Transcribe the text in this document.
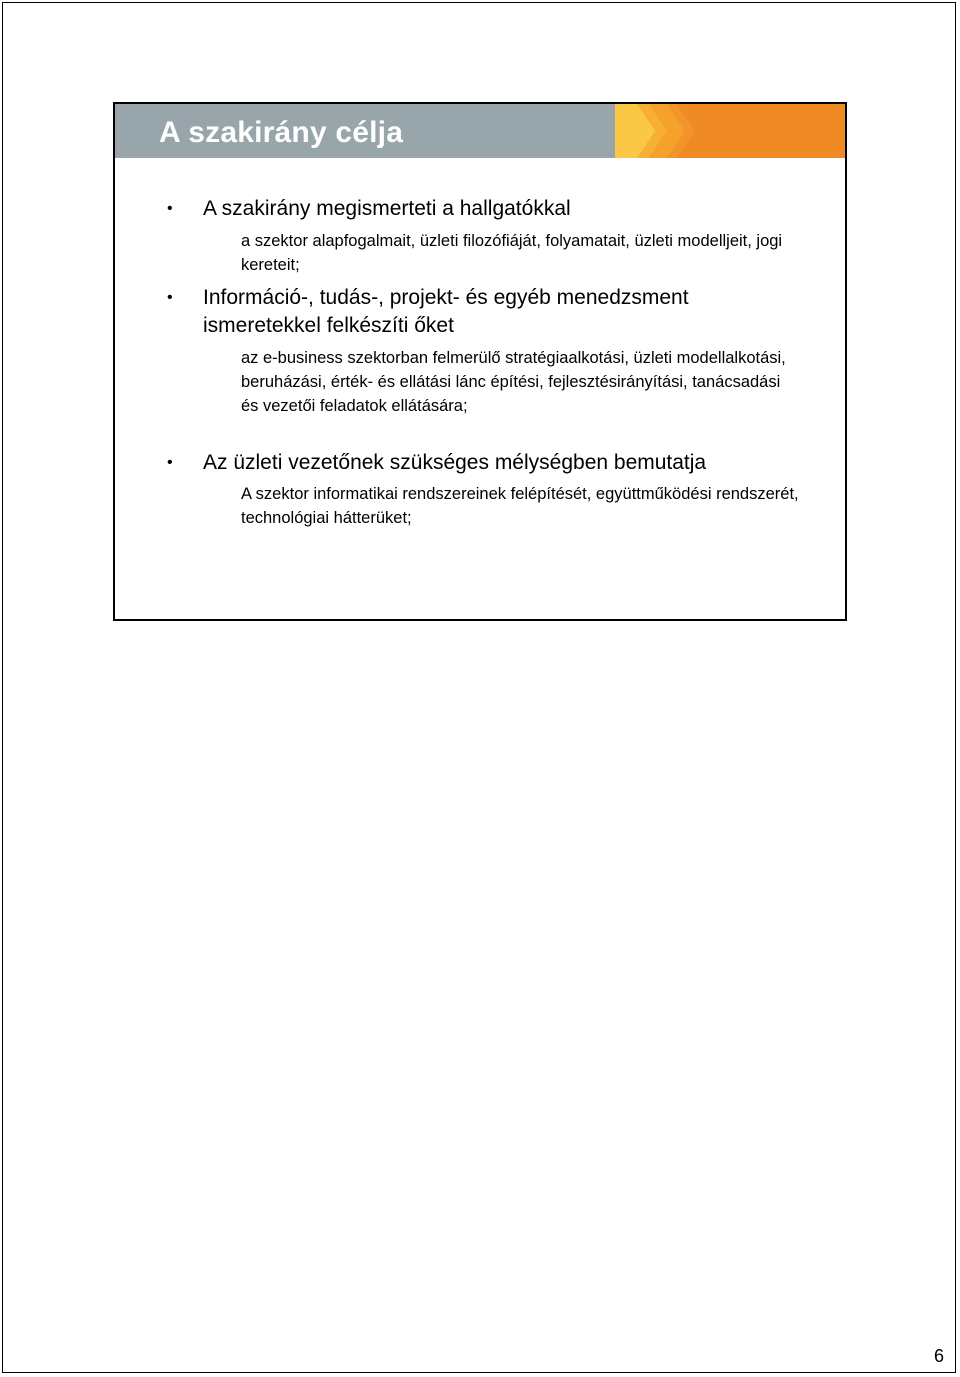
A szakirány célja
• A szakirány megismerteti a hallgatókkal
a szektor alapfogalmait, üzleti filozófiáját, folyamatait, üzleti modelljeit, jogi kereteit;
• Információ-, tudás-, projekt- és egyéb menedzsment ismeretekkel felkészíti őket
az e-business szektorban felmerülő stratégiaalkotási, üzleti modellalkotási, beruházási, érték- és ellátási lánc építési, fejlesztésirányítási, tanácsadási és vezetői feladatok ellátására;
• Az üzleti vezetőnek szükséges mélységben bemutatja
A szektor informatikai rendszereinek felépítését, együttműködési rendszerét, technológiai hátterüket;
6
